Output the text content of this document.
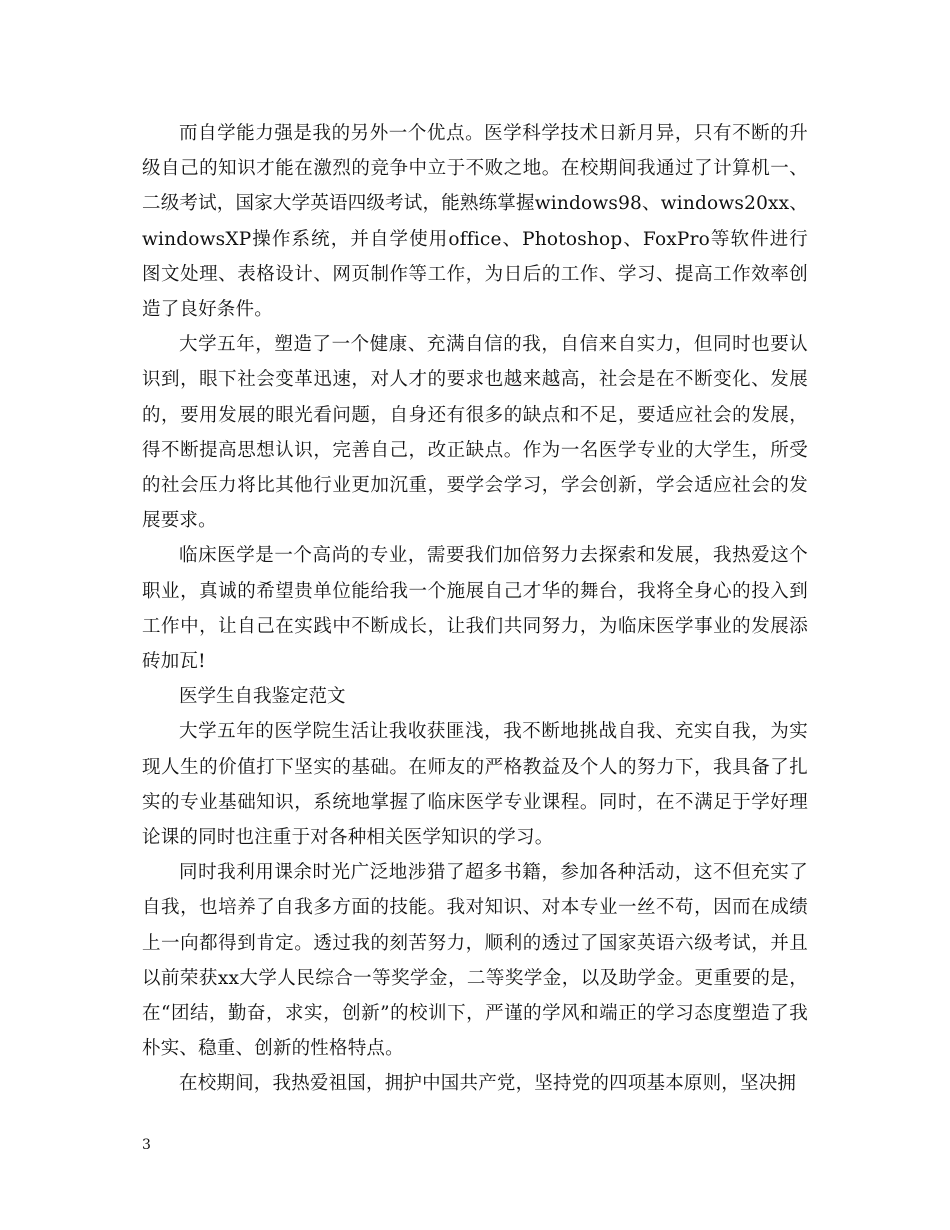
而自学能力强是我的另外一个优点。医学科学技术日新月异，只有不断的升级自己的知识才能在激烈的竞争中立于不败之地。在校期间我通过了计算机一、二级考试，国家大学英语四级考试，能熟练掌握windows98、windows20xx、windowsXP操作系统，并自学使用office、Photoshop、FoxPro等软件进行图文处理、表格设计、网页制作等工作，为日后的工作、学习、提高工作效率创造了良好条件。

大学五年，塑造了一个健康、充满自信的我，自信来自实力，但同时也要认识到，眼下社会变革迅速，对人才的要求也越来越高，社会是在不断变化、发展的，要用发展的眼光看问题，自身还有很多的缺点和不足，要适应社会的发展，得不断提高思想认识，完善自己，改正缺点。作为一名医学专业的大学生，所受的社会压力将比其他行业更加沉重，要学会学习，学会创新，学会适应社会的发展要求。

临床医学是一个高尚的专业，需要我们加倍努力去探索和发展，我热爱这个职业，真诚的希望贵单位能给我一个施展自己才华的舞台，我将全身心的投入到工作中，让自己在实践中不断成长，让我们共同努力，为临床医学事业的发展添砖加瓦!

医学生自我鉴定范文

大学五年的医学院生活让我收获匪浅，我不断地挑战自我、充实自我，为实现人生的价值打下坚实的基础。在师友的严格教益及个人的努力下，我具备了扎实的专业基础知识，系统地掌握了临床医学专业课程。同时，在不满足于学好理论课的同时也注重于对各种相关医学知识的学习。

同时我利用课余时光广泛地涉猎了超多书籍，参加各种活动，这不但充实了自我，也培养了自我多方面的技能。我对知识、对本专业一丝不苟，因而在成绩上一向都得到肯定。透过我的刻苦努力，顺利的透过了国家英语六级考试，并且以前荣获xx大学人民综合一等奖学金，二等奖学金，以及助学金。更重要的是，在“团结，勤奋，求实，创新”的校训下，严谨的学风和端正的学习态度塑造了我朴实、稳重、创新的性格特点。

在校期间，我热爱祖国，拥护中国共产党，坚持党的四项基本原则，坚决拥

3
